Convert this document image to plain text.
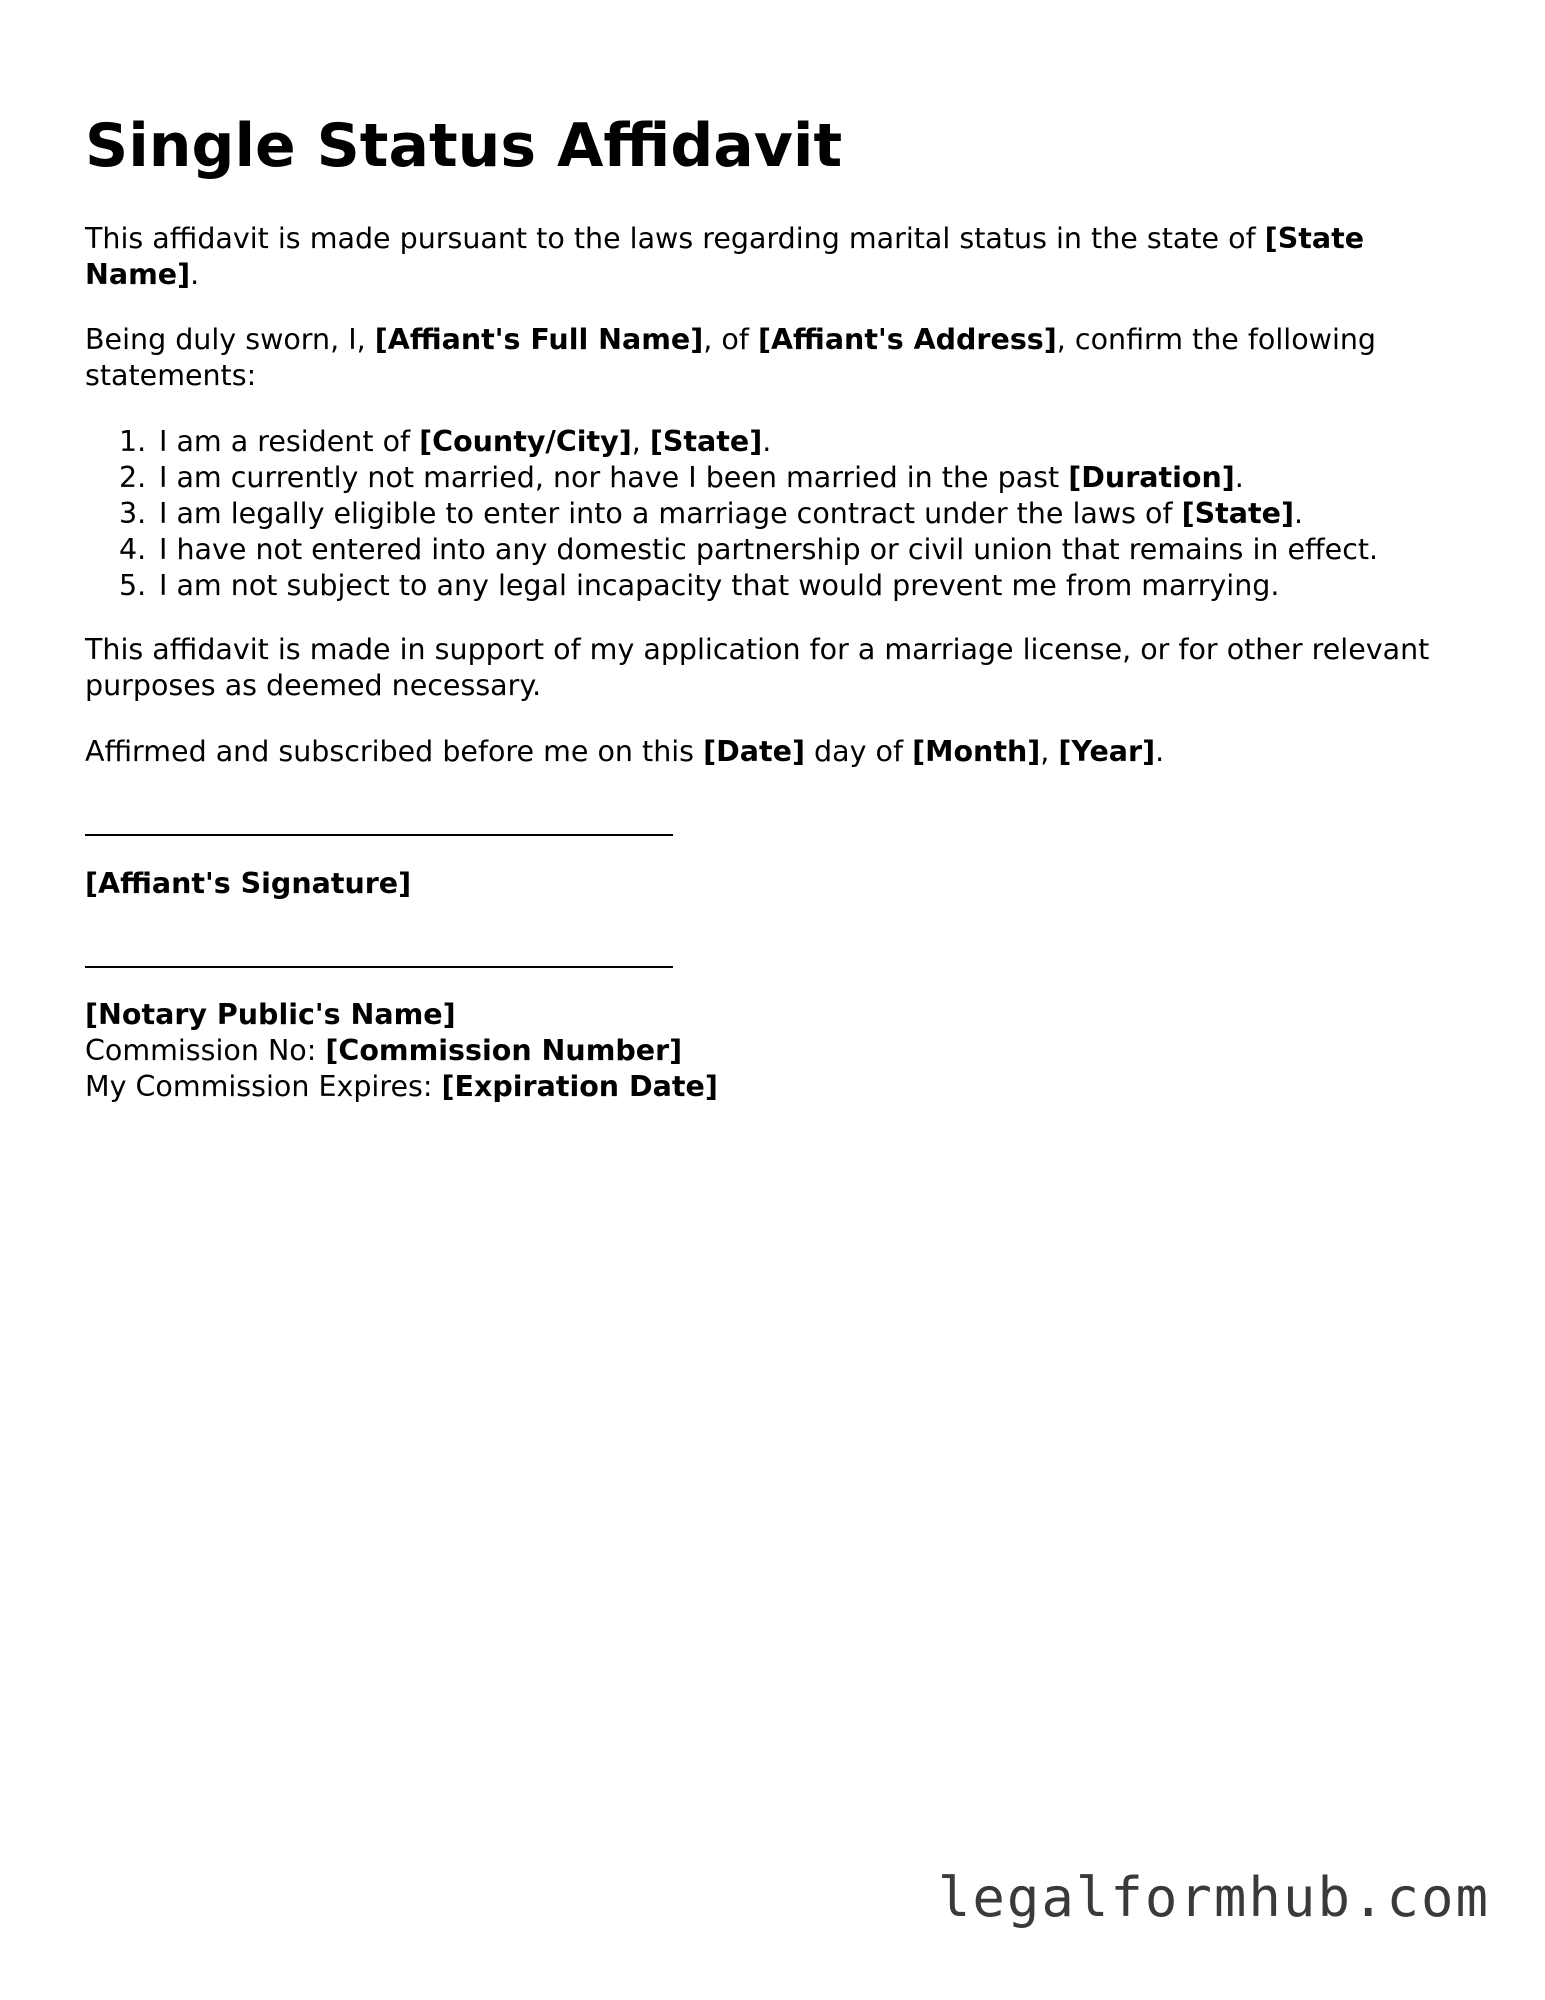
Single Status Affidavit

This affidavit is made pursuant to the laws regarding marital status in the state of [State Name].

Being duly sworn, I, [Affiant's Full Name], of [Affiant's Address], confirm the following statements:

1. I am a resident of [County/City], [State].
2. I am currently not married, nor have I been married in the past [Duration].
3. I am legally eligible to enter into a marriage contract under the laws of [State].
4. I have not entered into any domestic partnership or civil union that remains in effect.
5. I am not subject to any legal incapacity that would prevent me from marrying.

This affidavit is made in support of my application for a marriage license, or for other relevant purposes as deemed necessary.

Affirmed and subscribed before me on this [Date] day of [Month], [Year].

[Affiant's Signature]

[Notary Public's Name]
Commission No: [Commission Number]
My Commission Expires: [Expiration Date]
legalformhub.com
